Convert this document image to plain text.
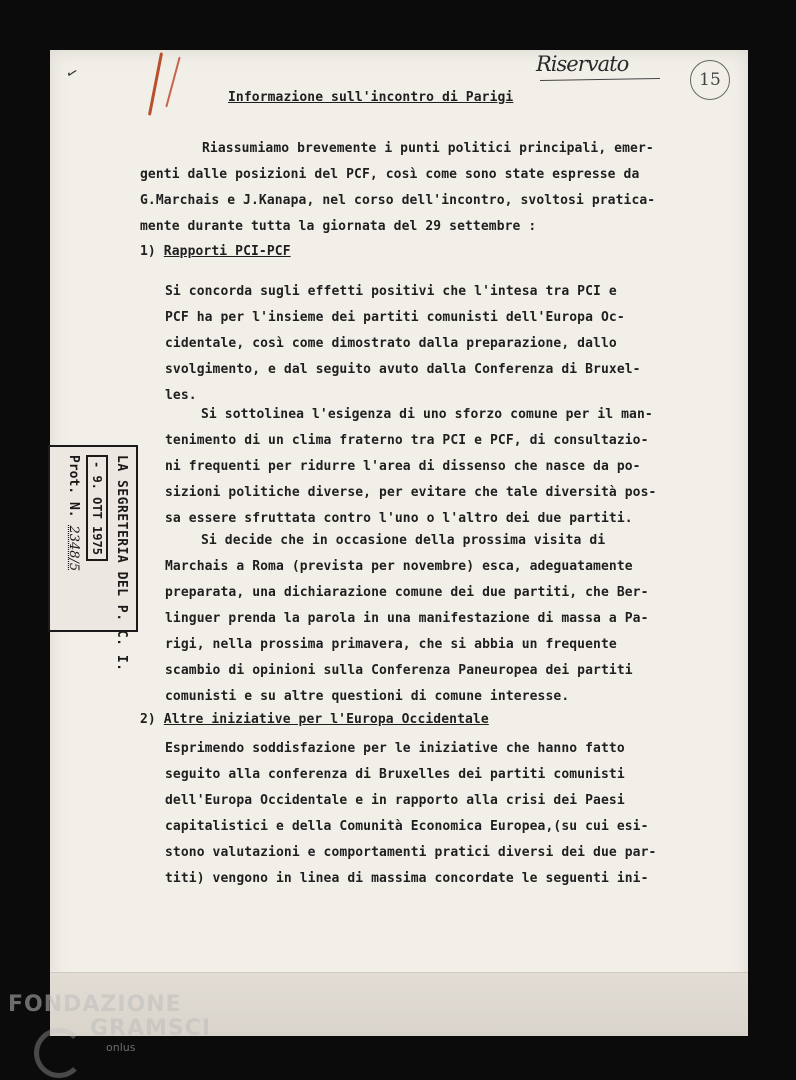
✓	Riservato
15
Informazione sull'incontro di Parigi
Riassumiamo brevemente i punti politici principali, emer-
genti dalle posizioni del PCF, così come sono state espresse da
G.Marchais e J.Kanapa, nel corso dell'incontro, svoltosi pratica-
mente durante tutta la giornata del 29 settembre :
1) Rapporti PCI-PCF
Si concorda sugli effetti positivi che l'intesa tra PCI e
PCF ha per l'insieme dei partiti comunisti dell'Europa Oc-
cidentale, così come dimostrato dalla preparazione, dallo
svolgimento, e dal seguito avuto dalla Conferenza di Bruxel-
les.
Si sottolinea l'esigenza di uno sforzo comune per il man-
tenimento di un clima fraterno tra PCI e PCF, di consultazio-
ni frequenti per ridurre l'area di dissenso che nasce da po-
sizioni politiche diverse, per evitare che tale diversità pos-
sa essere sfruttata contro l'uno o l'altro dei due partiti.
Si decide che in occasione della prossima visita di
Marchais a Roma (prevista per novembre) esca, adeguatamente
preparata, una dichiarazione comune dei due partiti, che Ber-
linguer prenda la parola in una manifestazione di massa a Pa-
rigi, nella prossima primavera, che si abbia un frequente
scambio di opinioni sulla Conferenza Paneuropea dei partiti
comunisti e su altre questioni di comune interesse.
2) Altre iniziative per l'Europa Occidentale
Esprimendo soddisfazione per le iniziative che hanno fatto
seguito alla conferenza di Bruxelles dei partiti comunisti
dell'Europa Occidentale e in rapporto alla crisi dei Paesi
capitalistici e della Comunità Economica Europea,(su cui esi-
stono valutazioni e comportamenti pratici diversi dei due par-
titi) vengono in linea di massima concordate le seguenti ini-
LA SEGRETERIA DEL P. C. I.
- 9. OTT 1975
Prot. N. 2348/5
FONDAZIONE
GRAMSCI
onlus
